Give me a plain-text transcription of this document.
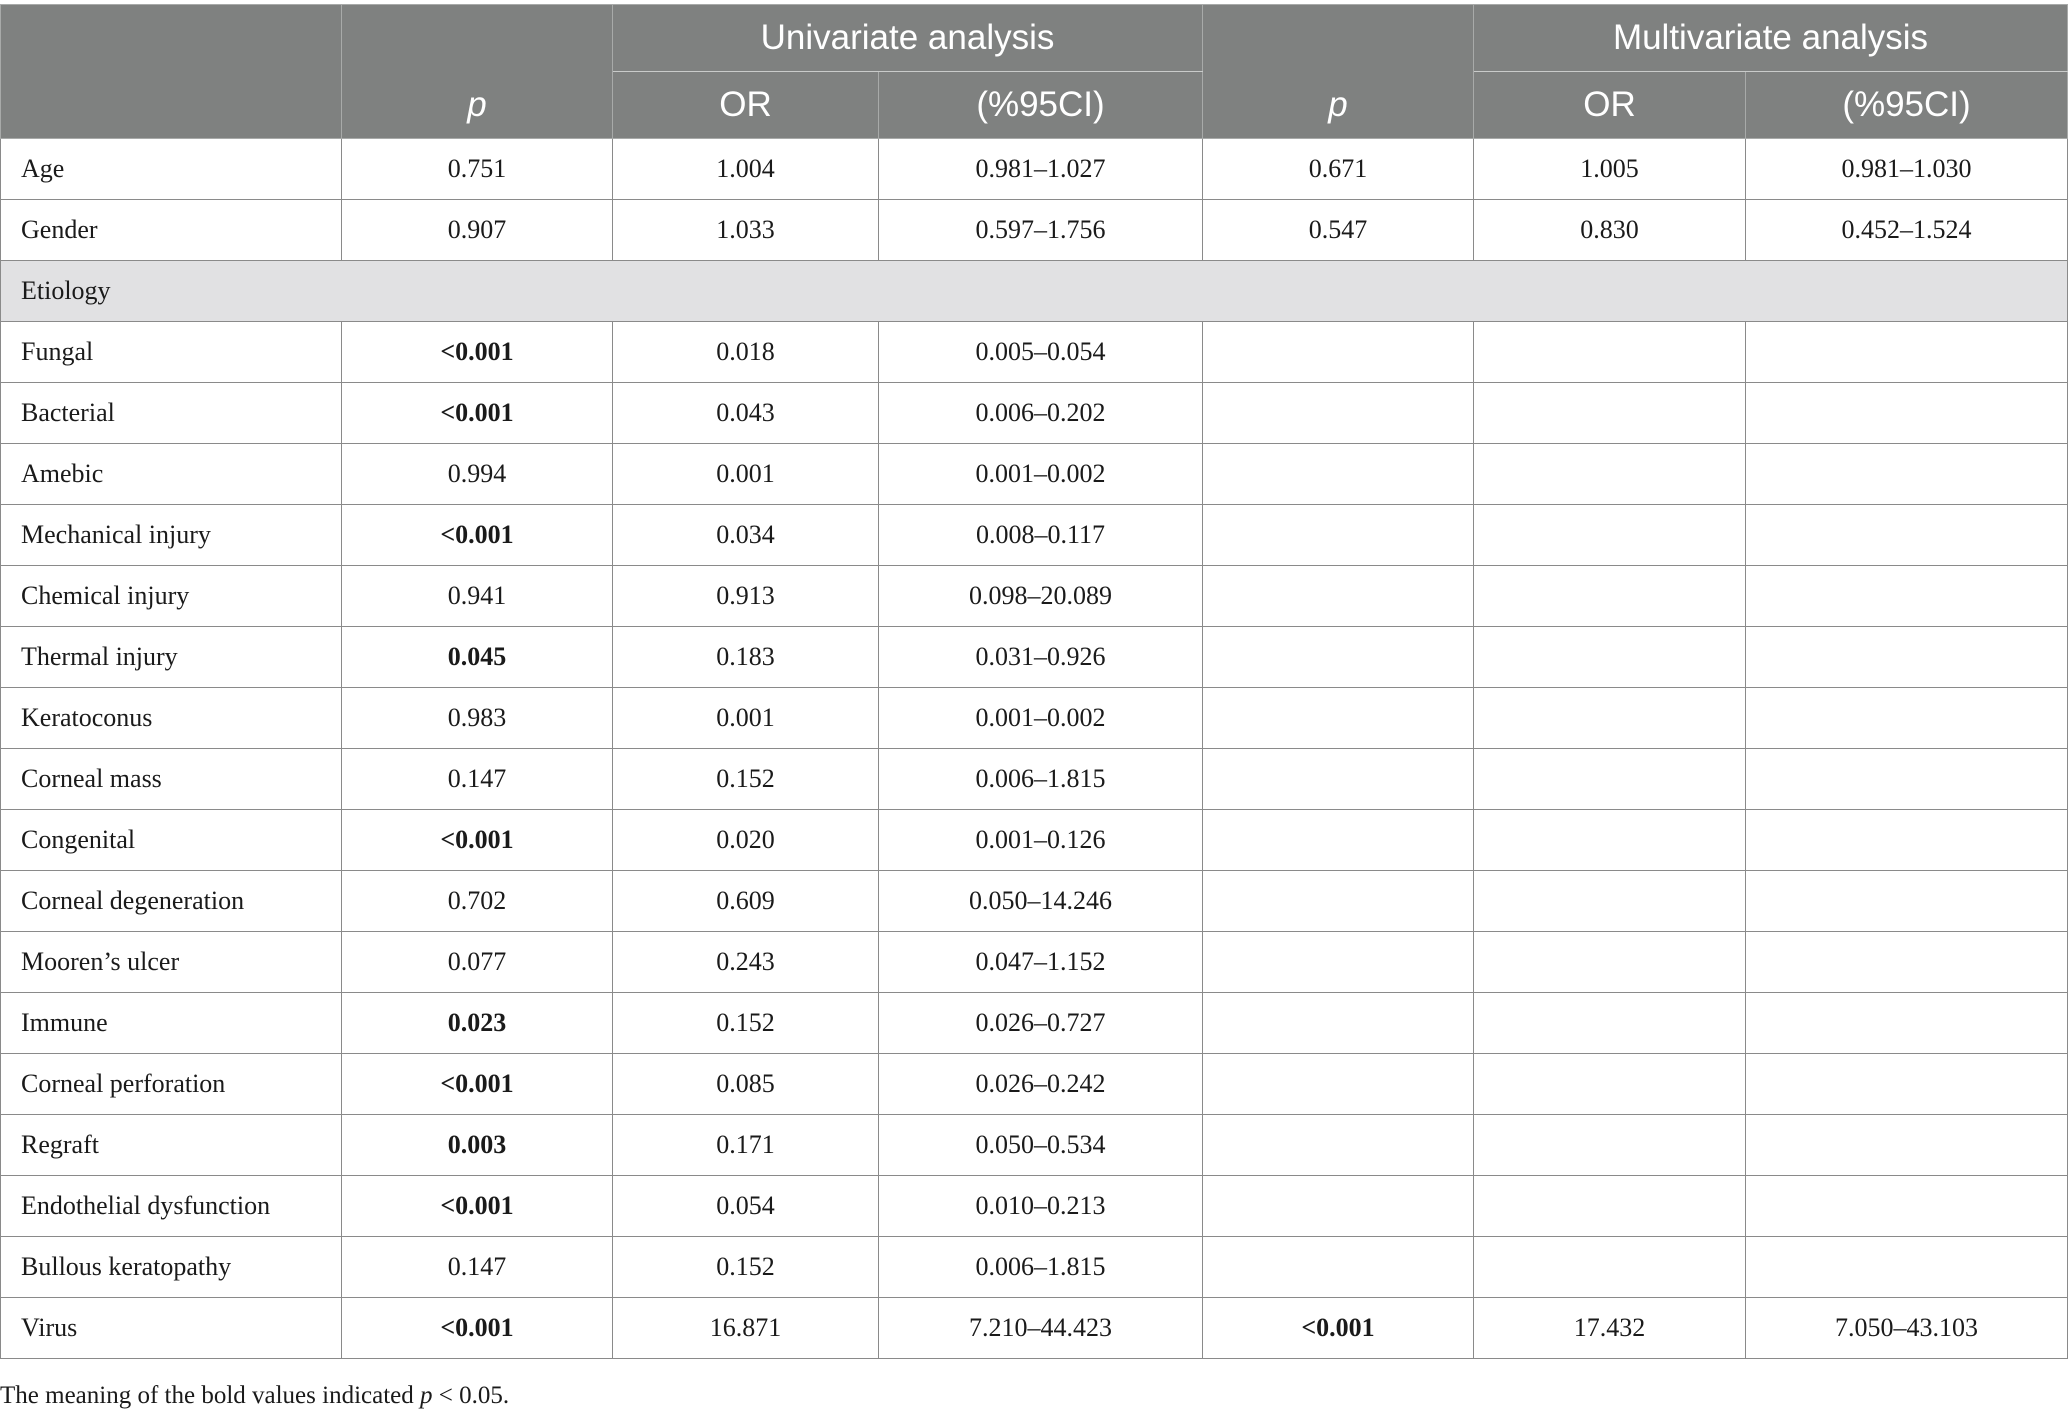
		Univariate analysis			Multivariate analysis	
	p	OR	(%95CI)	p	OR	(%95CI)
Age	0.751	1.004	0.981–1.027	0.671	1.005	0.981–1.030
Gender	0.907	1.033	0.597–1.756	0.547	0.830	0.452–1.524
Etiology						
Fungal	<0.001	0.018	0.005–0.054			
Bacterial	<0.001	0.043	0.006–0.202			
Amebic	0.994	0.001	0.001–0.002			
Mechanical injury	<0.001	0.034	0.008–0.117			
Chemical injury	0.941	0.913	0.098–20.089			
Thermal injury	0.045	0.183	0.031–0.926			
Keratoconus	0.983	0.001	0.001–0.002			
Corneal mass	0.147	0.152	0.006–1.815			
Congenital	<0.001	0.020	0.001–0.126			
Corneal degeneration	0.702	0.609	0.050–14.246			
Mooren’s ulcer	0.077	0.243	0.047–1.152			
Immune	0.023	0.152	0.026–0.727			
Corneal perforation	<0.001	0.085	0.026–0.242			
Regraft	0.003	0.171	0.050–0.534			
Endothelial dysfunction	<0.001	0.054	0.010–0.213			
Bullous keratopathy	0.147	0.152	0.006–1.815			
Virus	<0.001	16.871	7.210–44.423	<0.001	17.432	7.050–43.103
The meaning of the bold values indicated p < 0.05.
